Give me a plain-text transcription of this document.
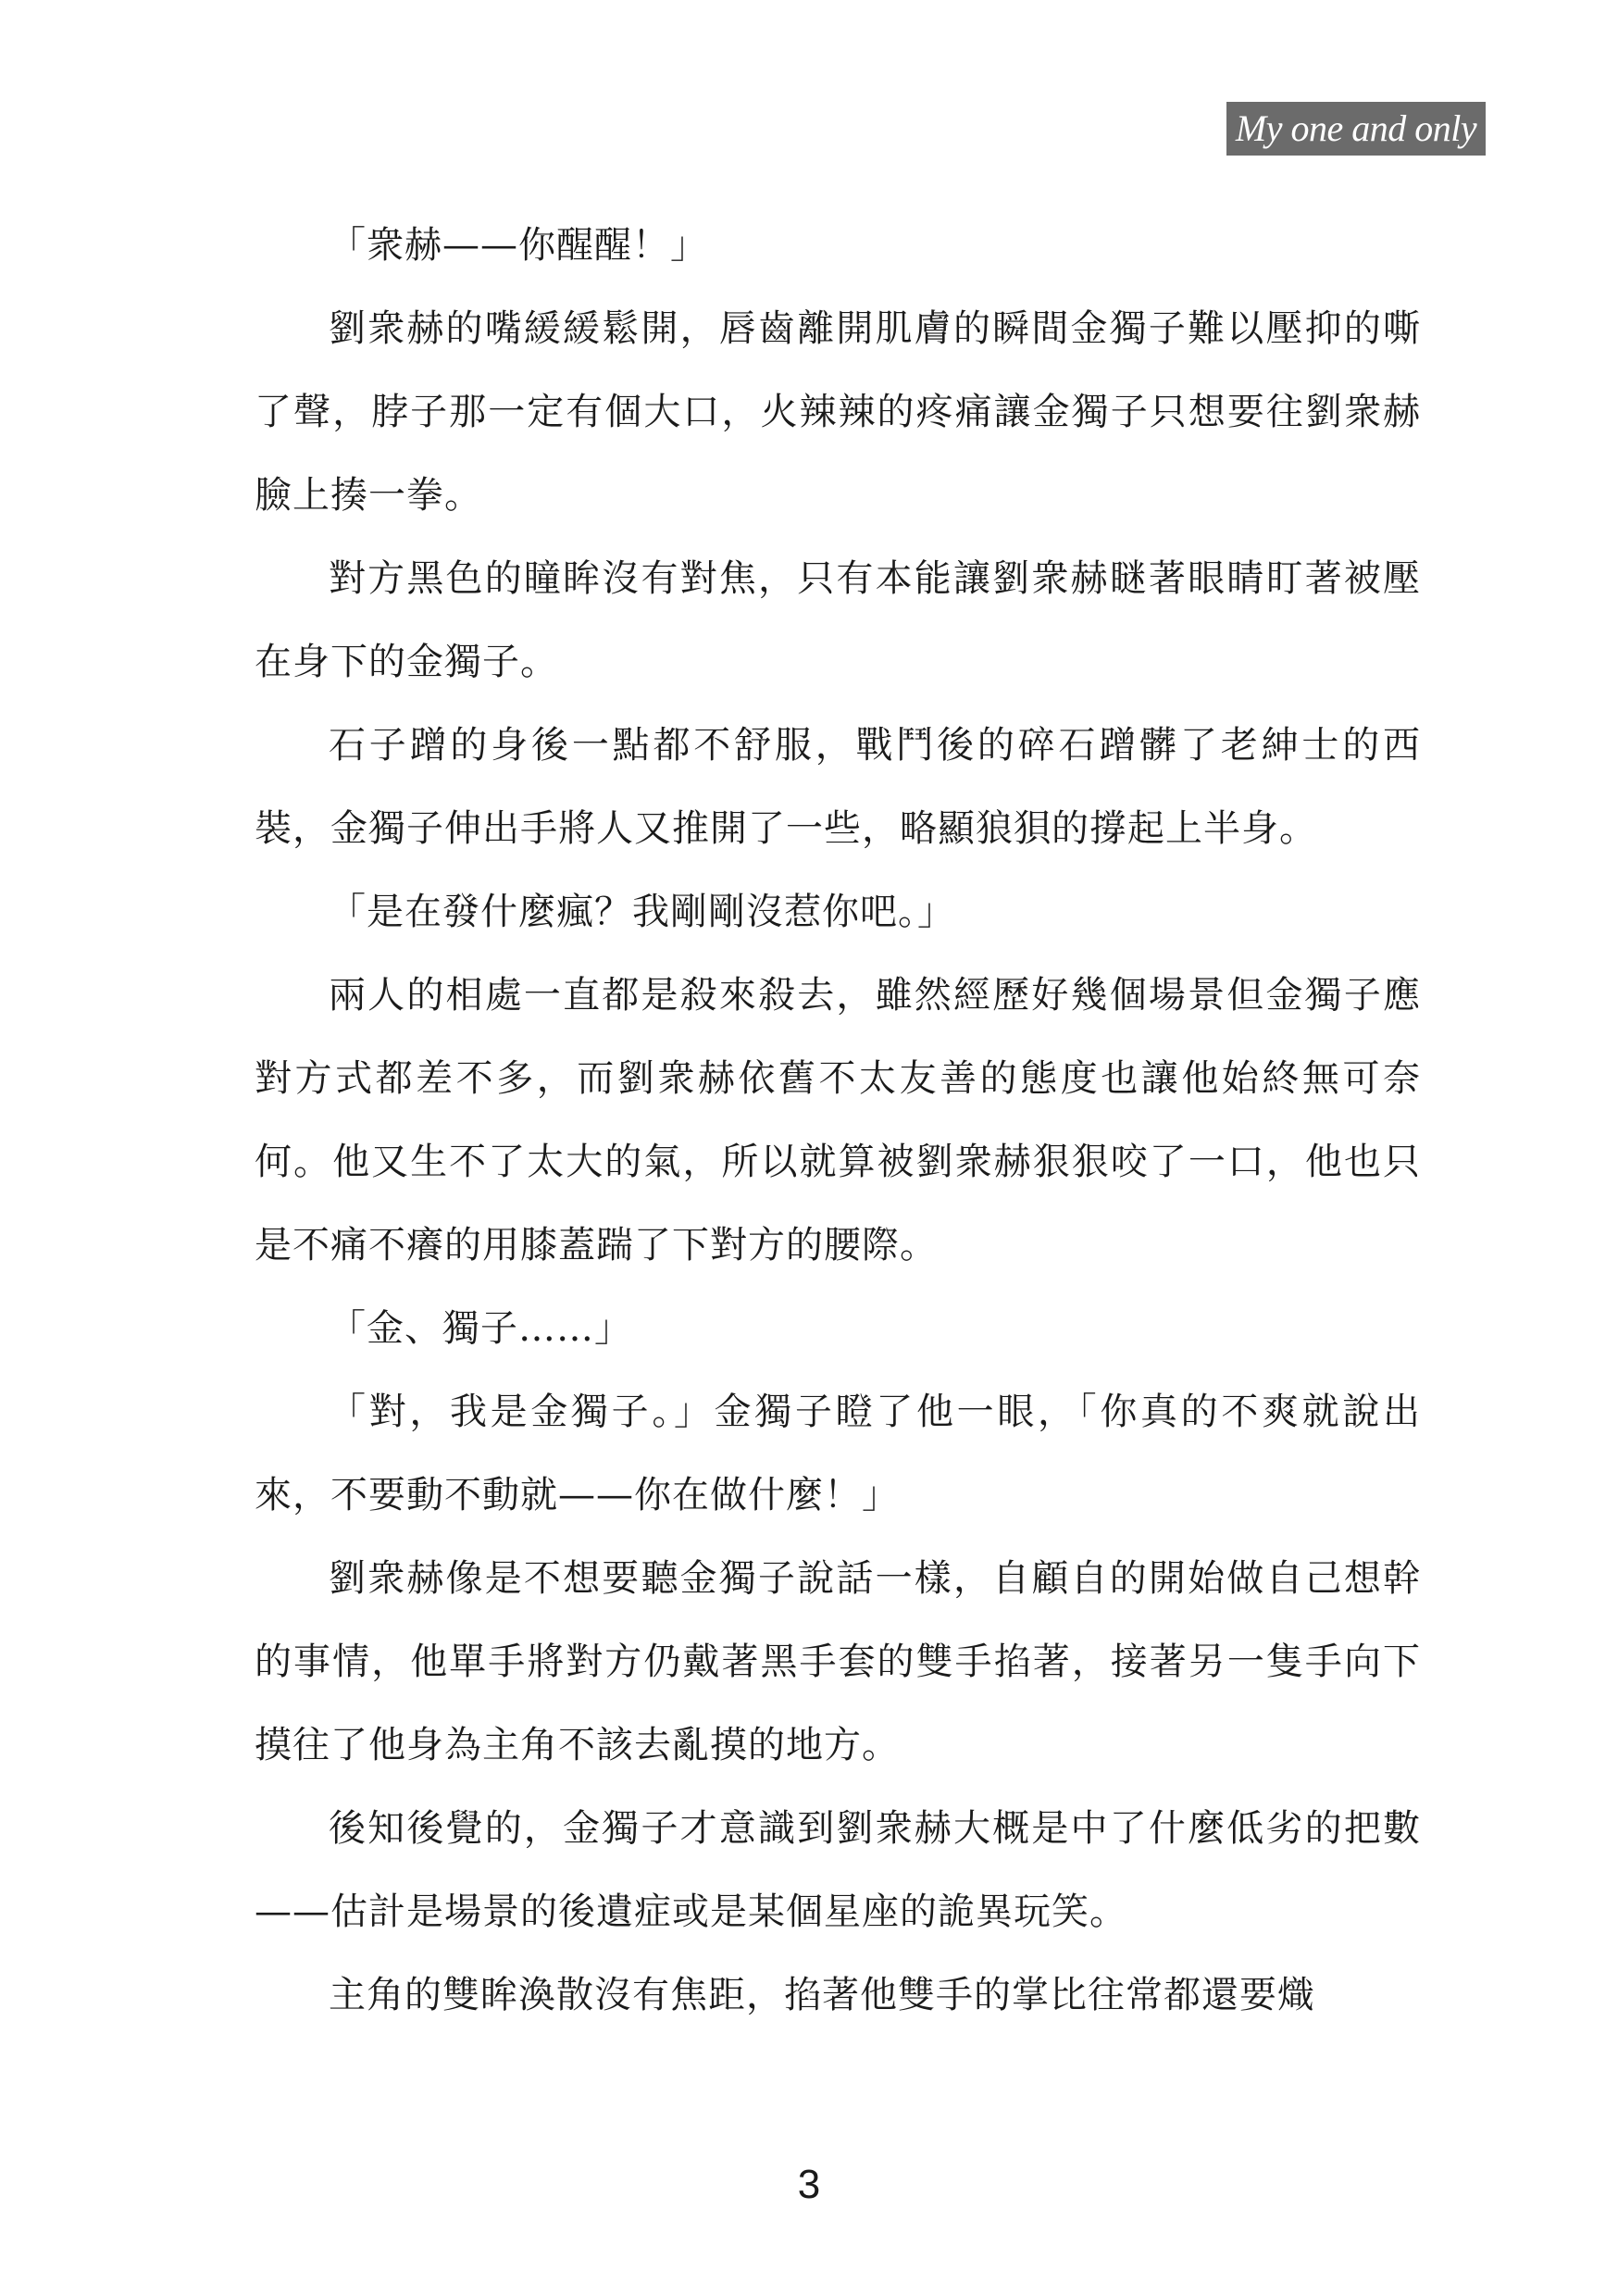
My one and only

「衆赫——你醒醒！」

劉衆赫的嘴緩緩鬆開，唇齒離開肌膚的瞬間金獨子難以壓抑的嘶了聲，脖子那一定有個大口，火辣辣的疼痛讓金獨子只想要往劉衆赫臉上揍一拳。

對方黑色的瞳眸沒有對焦，只有本能讓劉衆赫瞇著眼睛盯著被壓在身下的金獨子。

石子蹭的身後一點都不舒服，戰鬥後的碎石蹭髒了老紳士的西裝，金獨子伸出手將人又推開了一些，略顯狼狽的撐起上半身。

「是在發什麼瘋？我剛剛沒惹你吧。」

兩人的相處一直都是殺來殺去，雖然經歷好幾個場景但金獨子應對方式都差不多，而劉衆赫依舊不太友善的態度也讓他始終無可奈何。他又生不了太大的氣，所以就算被劉衆赫狠狠咬了一口，他也只是不痛不癢的用膝蓋踹了下對方的腰際。

「金、獨子……」

「對，我是金獨子。」金獨子瞪了他一眼，「你真的不爽就說出來，不要動不動就——你在做什麼！」

劉衆赫像是不想要聽金獨子說話一樣，自顧自的開始做自己想幹的事情，他單手將對方仍戴著黑手套的雙手掐著，接著另一隻手向下摸往了他身為主角不該去亂摸的地方。

後知後覺的，金獨子才意識到劉衆赫大概是中了什麼低劣的把數——估計是場景的後遺症或是某個星座的詭異玩笑。

主角的雙眸渙散沒有焦距，掐著他雙手的掌比往常都還要熾

3
